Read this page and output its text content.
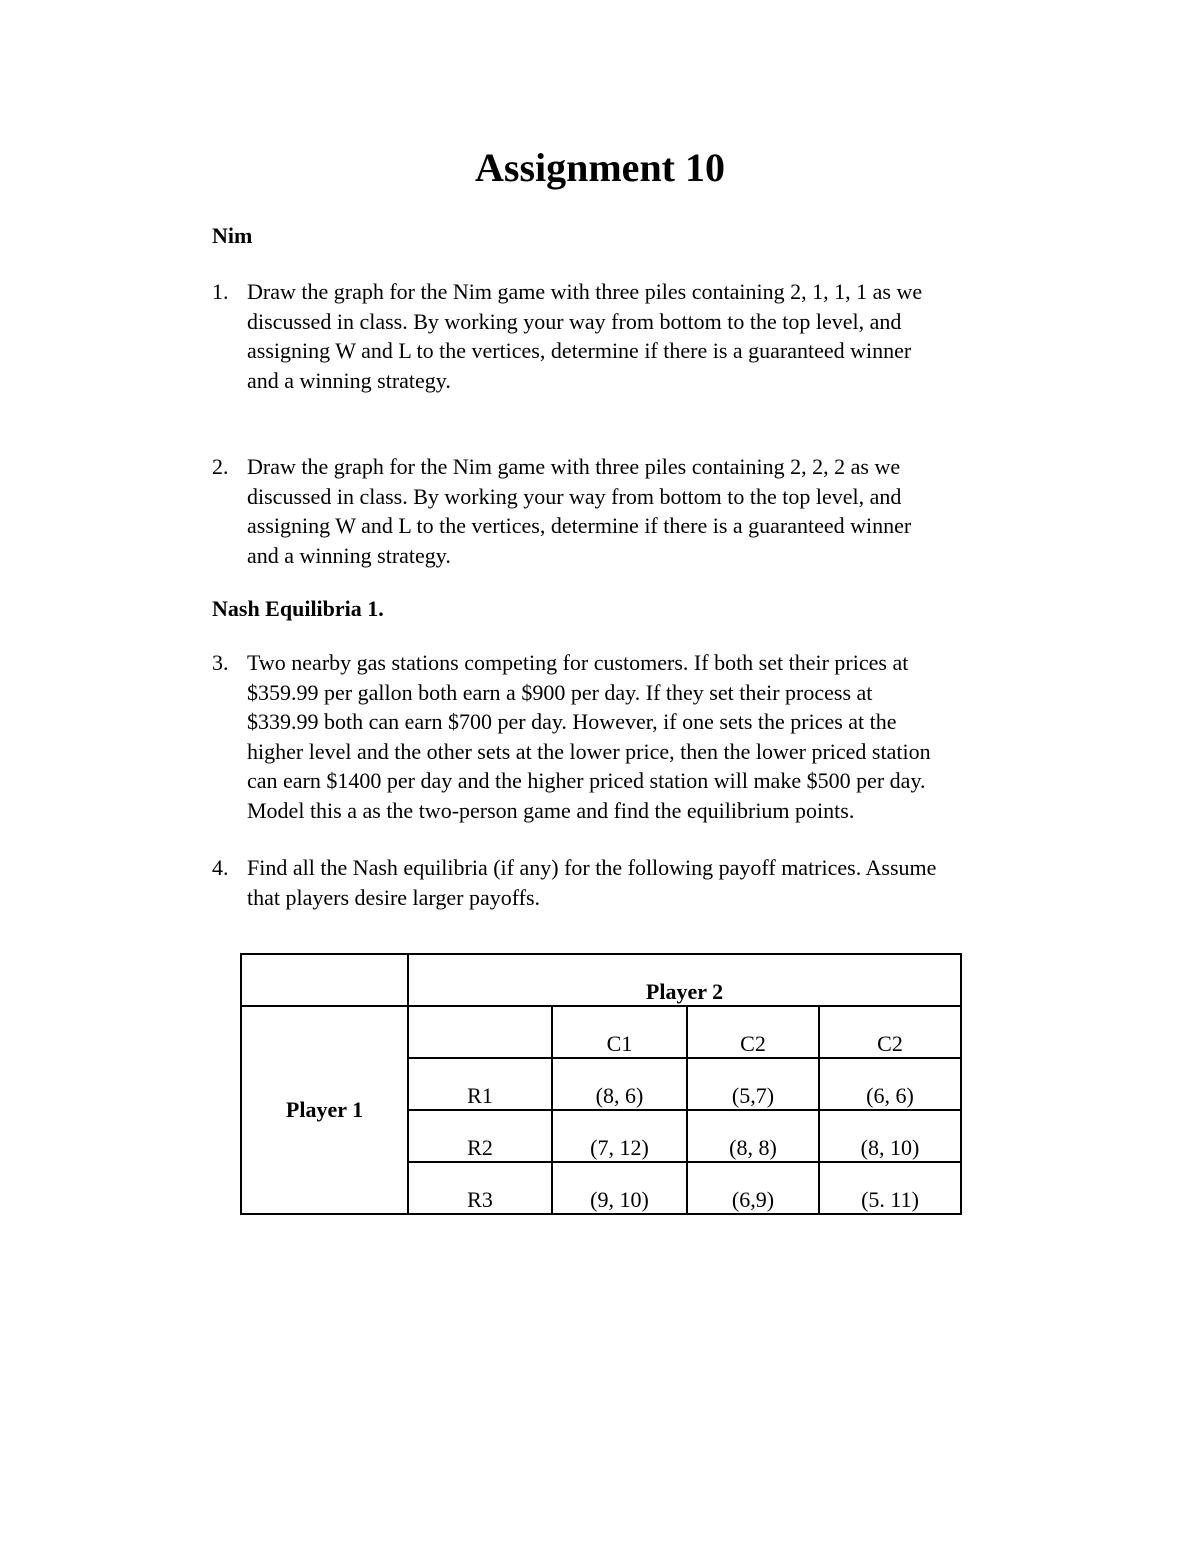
Assignment 10
Nim
1. Draw the graph for the Nim game with three piles containing 2, 1, 1, 1 as we
discussed in class. By working your way from bottom to the top level, and
assigning W and L to the vertices, determine if there is a guaranteed winner
and a winning strategy.
2. Draw the graph for the Nim game with three piles containing 2, 2, 2 as we
discussed in class. By working your way from bottom to the top level, and
assigning W and L to the vertices, determine if there is a guaranteed winner
and a winning strategy.
Nash Equilibria 1.
3. Two nearby gas stations competing for customers. If both set their prices at
$359.99 per gallon both earn a $900 per day. If they set their process at
$339.99 both can earn $700 per day. However, if one sets the prices at the
higher level and the other sets at the lower price, then the lower priced station
can earn $1400 per day and the higher priced station will make $500 per day.
Model this a as the two-person game and find the equilibrium points.
4. Find all the Nash equilibria (if any) for the following payoff matrices. Assume
that players desire larger payoffs.
	Player 2			
Player 1		C1	C2	C2
	R1	(8, 6)	(5,7)	(6, 6)
	R2	(7, 12)	(8, 8)	(8, 10)
	R3	(9, 10)	(6,9)	(5. 11)
